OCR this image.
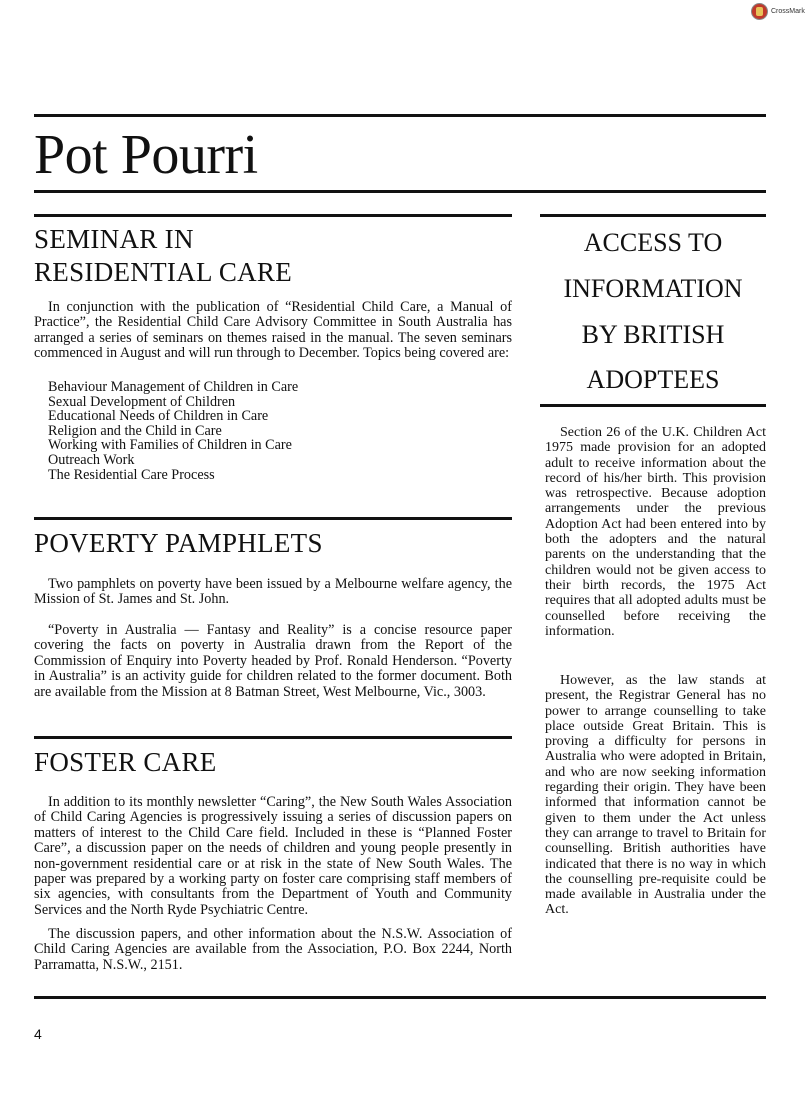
CrossMark
Pot Pourri
SEMINAR IN
RESIDENTIAL CARE

In conjunction with the publication of “Residential Child Care, a Manual of Practice”, the Residential Child Care Advisory Committee in South Australia has arranged a series of seminars on themes raised in the manual. The seven seminars commenced in August and will run through to December. Topics being covered are:

Behaviour Management of Children in Care
Sexual Development of Children
Educational Needs of Children in Care
Religion and the Child in Care
Working with Families of Children in Care
Outreach Work
The Residential Care Process
POVERTY PAMPHLETS

Two pamphlets on poverty have been issued by a Melbourne welfare agency, the Mission of St. James and St. John.

“Poverty in Australia — Fantasy and Reality” is a concise resource paper covering the facts on poverty in Australia drawn from the Report of the Commission of Enquiry into Poverty headed by Prof. Ronald Henderson. “Poverty in Australia” is an activity guide for children related to the former document. Both are available from the Mission at 8 Batman Street, West Melbourne, Vic., 3003.

FOSTER CARE

In addition to its monthly newsletter “Caring”, the New South Wales Association of Child Caring Agencies is progressively issuing a series of discussion papers on matters of interest to the Child Care field. Included in these is “Planned Foster Care”, a discussion paper on the needs of children and young people presently in non-government residential care or at risk in the state of New South Wales. The paper was prepared by a working party on foster care comprising staff members of six agencies, with consultants from the Department of Youth and Community Services and the North Ryde Psychiatric Centre.

The discussion papers, and other information about the N.S.W. Association of Child Caring Agencies are available from the Association, P.O. Box 2244, North Parramatta, N.S.W., 2151.

ACCESS TO
INFORMATION
BY BRITISH
ADOPTEES

Section 26 of the U.K. Children Act 1975 made provision for an adopted adult to receive information about the record of his/her birth. This provision was retrospective. Because adoption arrangements under the previous Adoption Act had been entered into by both the adopters and the natural parents on the understanding that the children would not be given access to their birth records, the 1975 Act requires that all adopted adults must be counselled before receiving the information.

However, as the law stands at present, the Registrar General has no power to arrange counselling to take place outside Great Britain. This is proving a difficulty for persons in Australia who were adopted in Britain, and who are now seeking information regarding their origin. They have been informed that information cannot be given to them under the Act unless they can arrange to travel to Britain for counselling. British authorities have indicated that there is no way in which the counselling pre-requisite could be made available in Australia under the Act.

4
